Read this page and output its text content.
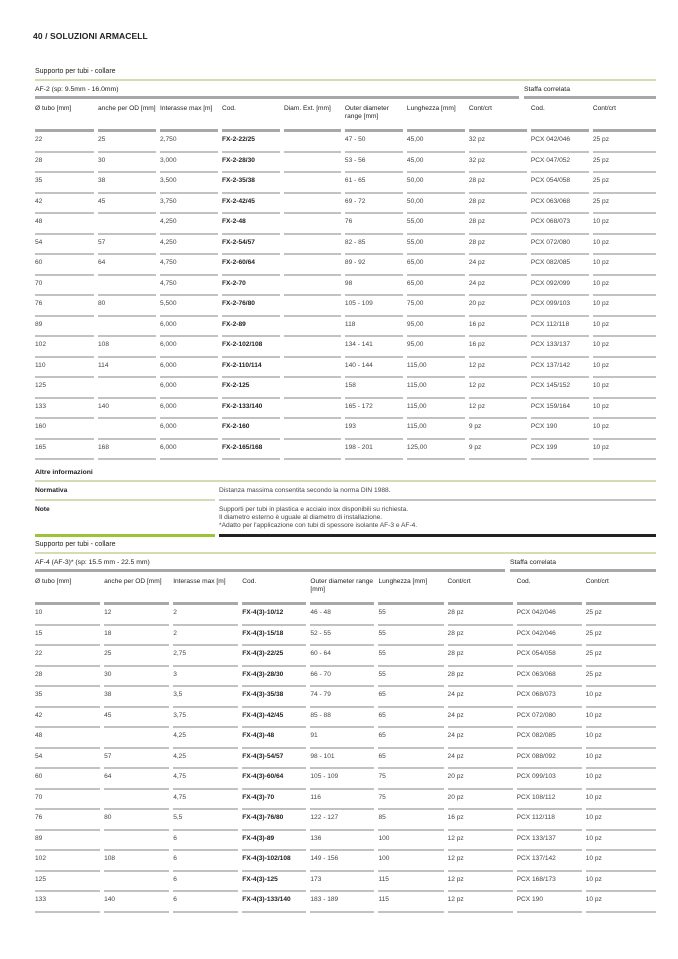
40 / SOLUZIONI ARMACELL
Supporto per tubi - collare
AF-2 (sp: 9.5mm - 16.0mm)	Staffa correlata
Ø tubo [mm]	anche per OD [mm]	Interasse max [m]	Cod.	Diam. Ext. [mm]	Outer diameter range [mm]	Lunghezza [mm]	Cont/crt	Cod.	Cont/crt
22	25	2,750	FX-2-22/25		47 - 50	45,00	32 pz	PCX 042/046	25 pz
28	30	3,000	FX-2-28/30		53 - 56	45,00	32 pz	PCX 047/052	25 pz
35	38	3,500	FX-2-35/38		61 - 65	50,00	28 pz	PCX 054/058	25 pz
42	45	3,750	FX-2-42/45		69 - 72	50,00	28 pz	PCX 063/068	25 pz
48		4,250	FX-2-48		76	55,00	28 pz	PCX 068/073	10 pz
54	57	4,250	FX-2-54/57		82 - 85	55,00	28 pz	PCX 072/080	10 pz
60	64	4,750	FX-2-60/64		89 - 92	65,00	24 pz	PCX 082/085	10 pz
70		4,750	FX-2-70		98	65,00	24 pz	PCX 092/099	10 pz
76	80	5,500	FX-2-76/80		105 - 109	75,00	20 pz	PCX 099/103	10 pz
89		6,000	FX-2-89		118	95,00	16 pz	PCX 112/118	10 pz
102	108	6,000	FX-2-102/108		134 - 141	95,00	16 pz	PCX 133/137	10 pz
110	114	6,000	FX-2-110/114		140 - 144	115,00	12 pz	PCX 137/142	10 pz
125		6,000	FX-2-125		158	115,00	12 pz	PCX 145/152	10 pz
133	140	6,000	FX-2-133/140		165 - 172	115,00	12 pz	PCX 159/164	10 pz
160		6,000	FX-2-160		193	115,00	9 pz	PCX 190	10 pz
165	168	6,000	FX-2-165/168		198 - 201	125,00	9 pz	PCX 199	10 pz
Altre informazioni
Normativa	Distanza massima consentita secondo la norma DIN 1988.
Note	Supporti per tubi in plastica e acciaio inox disponibili su richiesta.
Il diametro esterno è uguale al diametro di installazione.
*Adatto per l'applicazione con tubi di spessore isolante AF-3 e AF-4.
Supporto per tubi - collare
AF-4 (AF-3)* (sp: 15.5 mm - 22.5 mm)	Staffa correlata
Ø tubo [mm]	anche per OD [mm]	Interasse max [m]	Cod.	Outer diameter range [mm]	Lunghezza [mm]	Cont/crt	Cod.	Cont/crt
10	12	2	FX-4(3)-10/12	46 - 48	55	28 pz	PCX 042/046	25 pz
15	18	2	FX-4(3)-15/18	52 - 55	55	28 pz	PCX 042/046	25 pz
22	25	2,75	FX-4(3)-22/25	60 - 64	55	28 pz	PCX 054/058	25 pz
28	30	3	FX-4(3)-28/30	66 - 70	55	28 pz	PCX 063/068	25 pz
35	38	3,5	FX-4(3)-35/38	74 - 79	65	24 pz	PCX 068/073	10 pz
42	45	3,75	FX-4(3)-42/45	85 - 88	65	24 pz	PCX 072/080	10 pz
48		4,25	FX-4(3)-48	91	65	24 pz	PCX 082/085	10 pz
54	57	4,25	FX-4(3)-54/57	98 - 101	65	24 pz	PCX 088/092	10 pz
60	64	4,75	FX-4(3)-60/64	105 - 109	75	20 pz	PCX 099/103	10 pz
70		4,75	FX-4(3)-70	116	75	20 pz	PCX 108/112	10 pz
76	80	5,5	FX-4(3)-76/80	122 - 127	85	16 pz	PCX 112/118	10 pz
89		6	FX-4(3)-89	136	100	12 pz	PCX 133/137	10 pz
102	108	6	FX-4(3)-102/108	149 - 156	100	12 pz	PCX 137/142	10 pz
125		6	FX-4(3)-125	173	115	12 pz	PCX 168/173	10 pz
133	140	6	FX-4(3)-133/140	183 - 189	115	12 pz	PCX 190	10 pz
